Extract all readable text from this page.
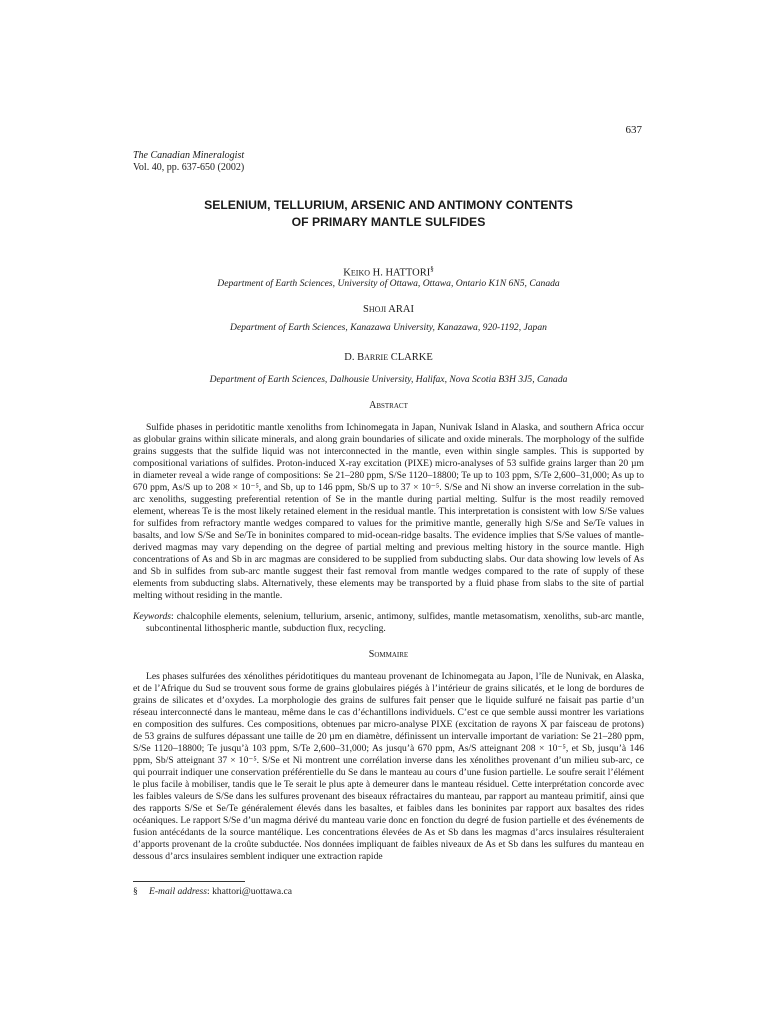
637
The Canadian Mineralogist
Vol. 40, pp. 637-650 (2002)
SELENIUM, TELLURIUM, ARSENIC AND ANTIMONY CONTENTS
OF PRIMARY MANTLE SULFIDES
KEIKO H. HATTORI§
Department of Earth Sciences, University of Ottawa, Ottawa, Ontario K1N 6N5, Canada
SHOJI ARAI
Department of Earth Sciences, Kanazawa University, Kanazawa, 920-1192, Japan
D. BARRIE CLARKE
Department of Earth Sciences, Dalhousie University, Halifax, Nova Scotia B3H 3J5, Canada
Abstract
Sulfide phases in peridotitic mantle xenoliths from Ichinomegata in Japan, Nunivak Island in Alaska, and southern Africa occur as globular grains within silicate minerals, and along grain boundaries of silicate and oxide minerals. The morphology of the sulfide grains suggests that the sulfide liquid was not interconnected in the mantle, even within single samples. This is supported by compositional variations of sulfides. Proton-induced X-ray excitation (PIXE) micro-analyses of 53 sulfide grains larger than 20 µm in diameter reveal a wide range of compositions: Se 21–280 ppm, S/Se 1120–18800; Te up to 103 ppm, S/Te 2,600–31,000; As up to 670 ppm, As/S up to 208 × 10⁻⁵, and Sb, up to 146 ppm, Sb/S up to 37 × 10⁻⁵. S/Se and Ni show an inverse correlation in the sub-arc xenoliths, suggesting preferential retention of Se in the mantle during partial melting. Sulfur is the most readily removed element, whereas Te is the most likely retained element in the residual mantle. This interpretation is consistent with low S/Se values for sulfides from refractory mantle wedges compared to values for the primitive mantle, generally high S/Se and Se/Te values in basalts, and low S/Se and Se/Te in boninites compared to mid-ocean-ridge basalts. The evidence implies that S/Se values of mantle-derived magmas may vary depending on the degree of partial melting and previous melting history in the source mantle. High concentrations of As and Sb in arc magmas are considered to be supplied from subducting slabs. Our data showing low levels of As and Sb in sulfides from sub-arc mantle suggest their fast removal from mantle wedges compared to the rate of supply of these elements from subducting slabs. Alternatively, these elements may be transported by a fluid phase from slabs to the site of partial melting without residing in the mantle.
Keywords: chalcophile elements, selenium, tellurium, arsenic, antimony, sulfides, mantle metasomatism, xenoliths, sub-arc mantle, subcontinental lithospheric mantle, subduction flux, recycling.
Sommaire
Les phases sulfurées des xénolithes péridotitiques du manteau provenant de Ichinomegata au Japon, l’île de Nunivak, en Alaska, et de l’Afrique du Sud se trouvent sous forme de grains globulaires piégés à l’intérieur de grains silicatés, et le long de bordures de grains de silicates et d’oxydes. La morphologie des grains de sulfures fait penser que le liquide sulfuré ne faisait pas partie d’un réseau interconnecté dans le manteau, même dans le cas d’échantillons individuels. C’est ce que semble aussi montrer les variations en composition des sulfures. Ces compositions, obtenues par micro-analyse PIXE (excitation de rayons X par faisceau de protons) de 53 grains de sulfures dépassant une taille de 20 µm en diamètre, définissent un intervalle important de variation: Se 21–280 ppm, S/Se 1120–18800; Te jusqu’à 103 ppm, S/Te 2,600–31,000; As jusqu’à 670 ppm, As/S atteignant 208 × 10⁻⁵, et Sb, jusqu’à 146 ppm, Sb/S atteignant 37 × 10⁻⁵. S/Se et Ni montrent une corrélation inverse dans les xénolithes provenant d’un milieu sub-arc, ce qui pourrait indiquer une conservation préférentielle du Se dans le manteau au cours d’une fusion partielle. Le soufre serait l’élément le plus facile à mobiliser, tandis que le Te serait le plus apte à demeurer dans le manteau résiduel. Cette interprétation concorde avec les faibles valeurs de S/Se dans les sulfures provenant des biseaux réfractaires du manteau, par rapport au manteau primitif, ainsi que des rapports S/Se et Se/Te généralement élevés dans les basaltes, et faibles dans les boninites par rapport aux basaltes des rides océaniques. Le rapport S/Se d’un magma dérivé du manteau varie donc en fonction du degré de fusion partielle et des événements de fusion antécédants de la source mantélique. Les concentrations élevées de As et Sb dans les magmas d’arcs insulaires résulteraient d’apports provenant de la croûte subductée. Nos données impliquant de faibles niveaux de As et Sb dans les sulfures du manteau en dessous d’arcs insulaires semblent indiquer une extraction rapide
§ E-mail address: khattori@uottawa.ca
